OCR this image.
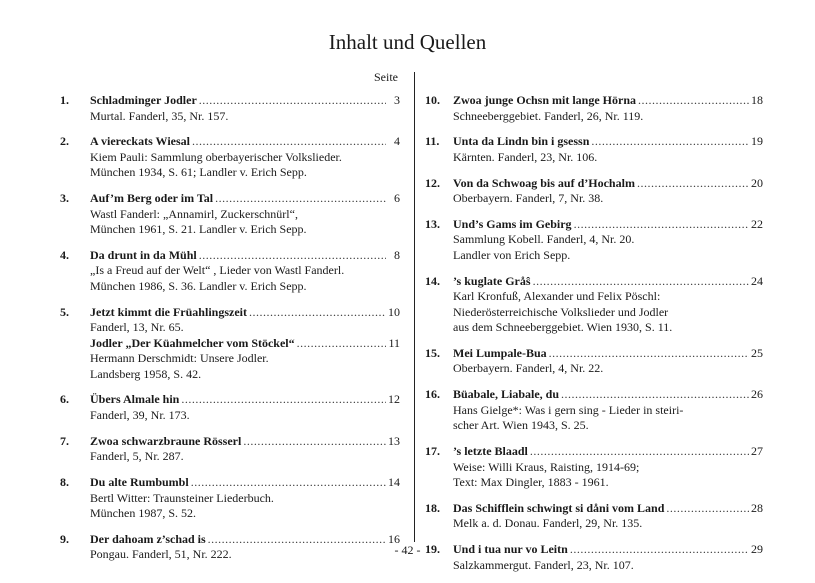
Inhalt und Quellen
Seite
1.	Schladminger Jodler .....	3
Murtal. Fanderl, 35, Nr. 157.
2.	A viereckats Wiesal .....	4
Kiem Pauli: Sammlung oberbayerischer Volkslieder.
München 1934, S. 61; Landler v. Erich Sepp.
3.	Auf’m Berg oder im Tal .....	6
Wastl Fanderl: „Annamirl, Zuckerschnürl“,
München 1961, S. 21. Landler v. Erich Sepp.
4.	Da drunt in da Mühl .....	8
„Is a Freud auf der Welt“ , Lieder von Wastl Fanderl.
München 1986, S. 36. Landler v. Erich Sepp.
5.	Jetzt kimmt die Früahlingszeit .....	10
Fanderl, 13, Nr. 65.
Jodler „Der Küahmelcher vom Stöckel“ .....	11
Hermann Derschmidt: Unsere Jodler.
Landsberg 1958, S. 42.
6.	Übers Almale hin .....	12
Fanderl, 39, Nr. 173.
7.	Zwoa schwarzbraune Rösserl .....	13
Fanderl, 5, Nr. 287.
8.	Du alte Rumbumbl .....	14
Bertl Witter: Traunsteiner Liederbuch.
München 1987, S. 52.
9.	Der dahoam z’schad is .....	16
Pongau. Fanderl, 51, Nr. 222.
10.	Zwoa junge Ochsn mit lange Hörna .....	18
Schneeberggebiet. Fanderl, 26, Nr. 119.
11.	Unta da Lindn bin i gsessn .....	19
Kärnten. Fanderl, 23, Nr. 106.
12.	Von da Schwoag bis auf d’Hochalm .....	20
Oberbayern. Fanderl, 7, Nr. 38.
13.	Und’s Gams im Gebirg .....	22
Sammlung Kobell. Fanderl, 4, Nr. 20.
Landler von Erich Sepp.
14.	’s kuglate Gråŝ .....	24
Karl Kronfuß, Alexander und Felix Pöschl:
Niederösterreichische Volkslieder und Jodler
aus dem Schneeberggebiet. Wien 1930, S. 11.
15.	Mei Lumpale-Bua .....	25
Oberbayern. Fanderl, 4, Nr. 22.
16.	Büabale, Liabale, du .....	26
Hans Gielge*: Was i gern sing - Lieder in steiri-
scher Art. Wien 1943, S. 25.
17.	’s letzte Blaadl .....	27
Weise: Willi Kraus, Raisting, 1914-69;
Text: Max Dingler, 1883 - 1961.
18.	Das Schifflein schwingt si dåni vom Land .....	28
Melk a. d. Donau. Fanderl, 29, Nr. 135.
19.	Und i tua nur vo Leitn .....	29
Salzkammergut. Fanderl, 23, Nr. 107.
- 42 -
